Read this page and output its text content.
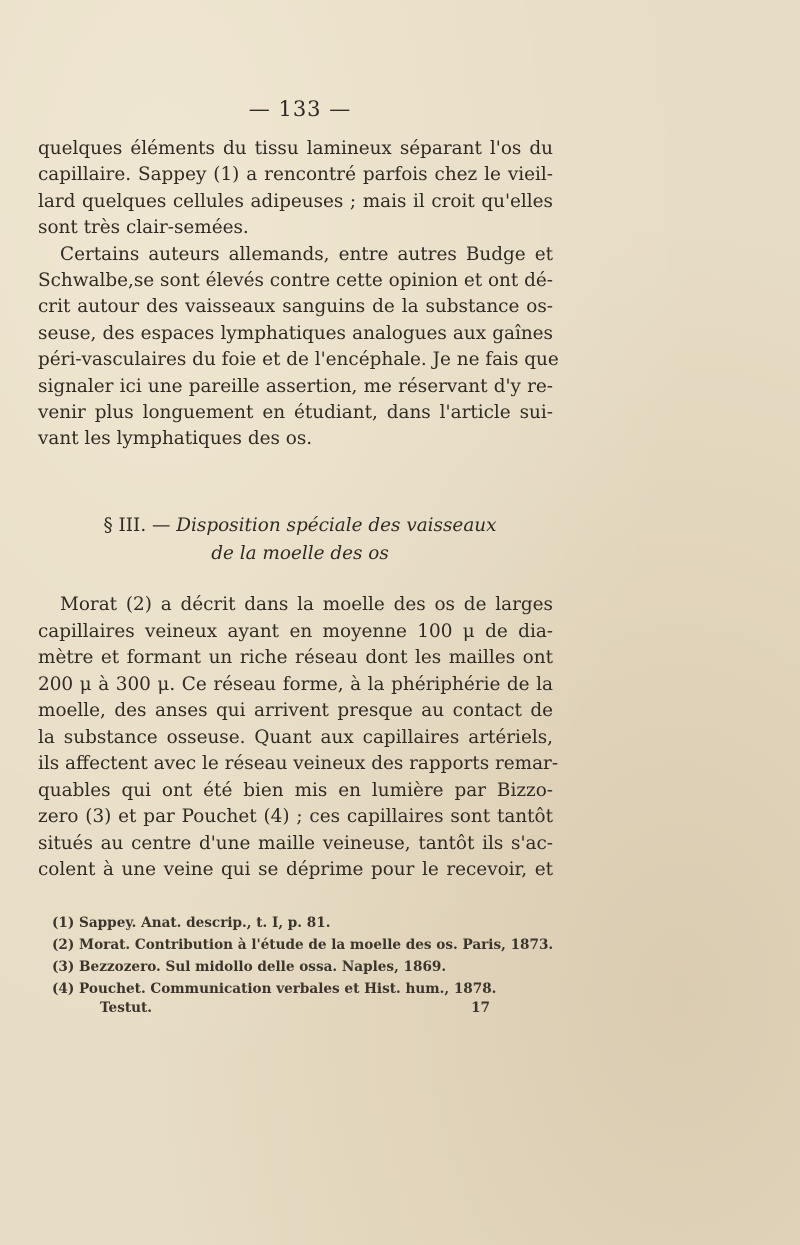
— 133 —

quelques éléments du tissu lamineux séparant l'os du
capillaire. Sappey (1) a rencontré parfois chez le vieil-
lard quelques cellules adipeuses ; mais il croit qu'elles
sont très clair-semées.

Certains auteurs allemands, entre autres Budge et
Schwalbe,se sont élevés contre cette opinion et ont dé-
crit autour des vaisseaux sanguins de la substance os-
seuse, des espaces lymphatiques analogues aux gaînes
péri-vasculaires du foie et de l'encéphale. Je ne fais que
signaler ici une pareille assertion, me réservant d'y re-
venir plus longuement en étudiant, dans l'article sui-
vant les lymphatiques des os.

§ III. — Disposition spéciale des vaisseaux
de la moelle des os

Morat (2) a décrit dans la moelle des os de larges
capillaires veineux ayant en moyenne 100 μ de dia-
mètre et formant un riche réseau dont les mailles ont
200 μ à 300 μ. Ce réseau forme, à la phériphérie de la
moelle, des anses qui arrivent presque au contact de
la substance osseuse. Quant aux capillaires artériels,
ils affectent avec le réseau veineux des rapports remar-
quables qui ont été bien mis en lumière par Bizzo-
zero (3) et par Pouchet (4) ; ces capillaires sont tantôt
situés au centre d'une maille veineuse, tantôt ils s'ac-
colent à une veine qui se déprime pour le recevoir, et

(1) Sappey. Anat. descrip., t. I, p. 81.
(2) Morat. Contribution à l'étude de la moelle des os. Paris, 1873.
(3) Bezzozero. Sul midollo delle ossa. Naples, 1869.
(4) Pouchet. Communication verbales et Hist. hum., 1878.
Testut.	17
